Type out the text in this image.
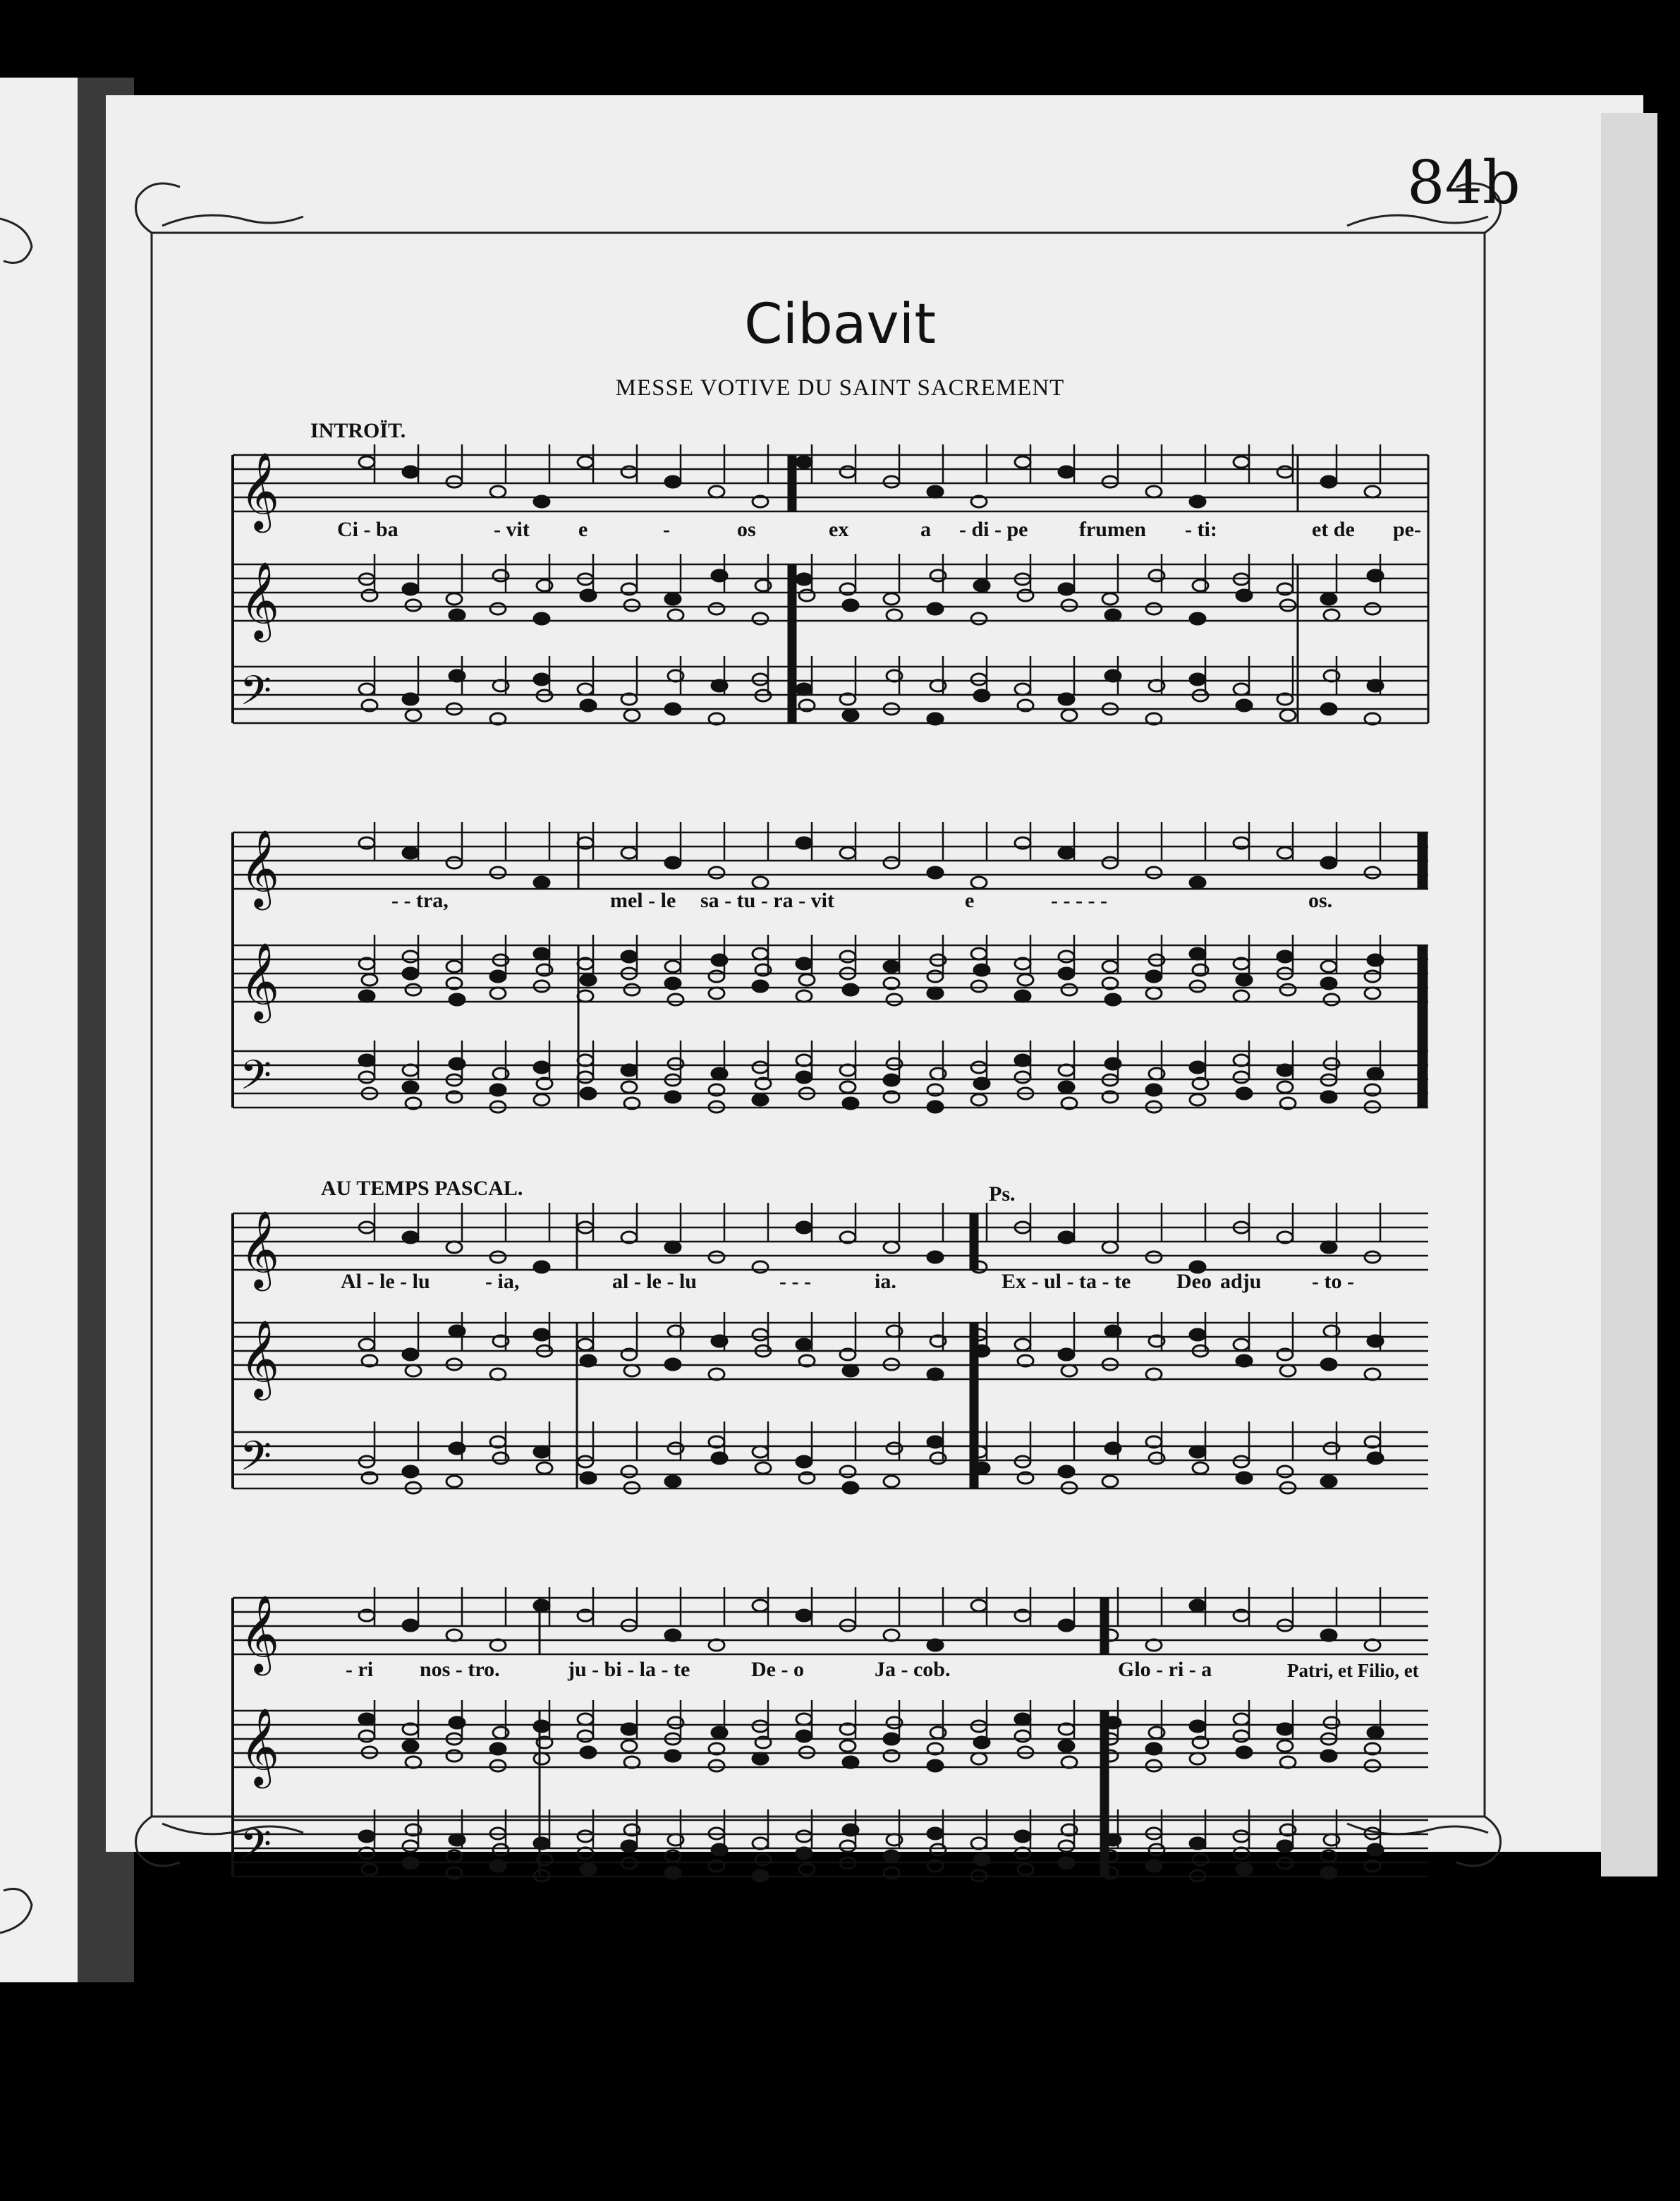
𝄞
𝄞
𝄢
𝄞
𝄞
𝄢
𝄞
𝄞
𝄢
𝄞
𝄞
𝄢
84b
Cibavit
MESSE VOTIVE DU SAINT SACREMENT
INTROÏT.
AU TEMPS PASCAL.	Ps.
Ci - ba	- vit e	-	os	ex	a - di - pe frumen - ti:	et de pe-
- - tra,	mel - le sa - tu - ra - vit	e	- - - - -	os.
Al - le - lu	- ia,	al - le - lu	- - -	ia.	Ex - ul - ta - te Deo adju - to -
- ri nos - tro.	ju - bi - la - te	De - o	Ja - cob.	Glo - ri - a	Patri, et Filio, et
